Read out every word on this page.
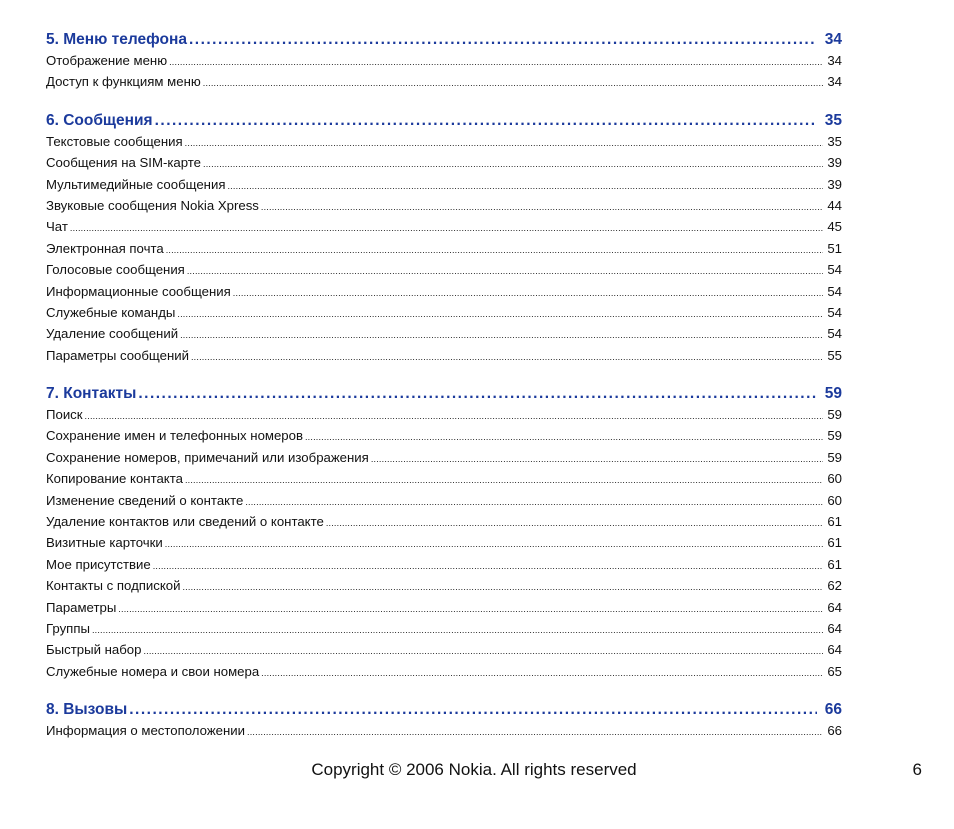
5. Меню телефона .....	34
Отображение меню .....	34
Доступ к функциям меню .....	34
6. Сообщения .....	35
Текстовые сообщения .....	35
Сообщения на SIM-карте .....	39
Мультимедийные сообщения .....	39
Звуковые сообщения Nokia Xpress .....	44
Чат .....	45
Электронная почта .....	51
Голосовые сообщения .....	54
Информационные сообщения .....	54
Служебные команды .....	54
Удаление сообщений .....	54
Параметры сообщений .....	55
7. Контакты .....	59
Поиск .....	59
Сохранение имен и телефонных номеров .....	59
Сохранение номеров, примечаний или изображения .....	59
Копирование контакта .....	60
Изменение сведений о контакте .....	60
Удаление контактов или сведений о контакте .....	61
Визитные карточки .....	61
Мое присутствие .....	61
Контакты с подпиской .....	62
Параметры .....	64
Группы .....	64
Быстрый набор .....	64
Служебные номера и свои номера .....	65
8. Вызовы .....	66
Информация о местоположении .....	66
Copyright © 2006 Nokia. All rights reserved	6
